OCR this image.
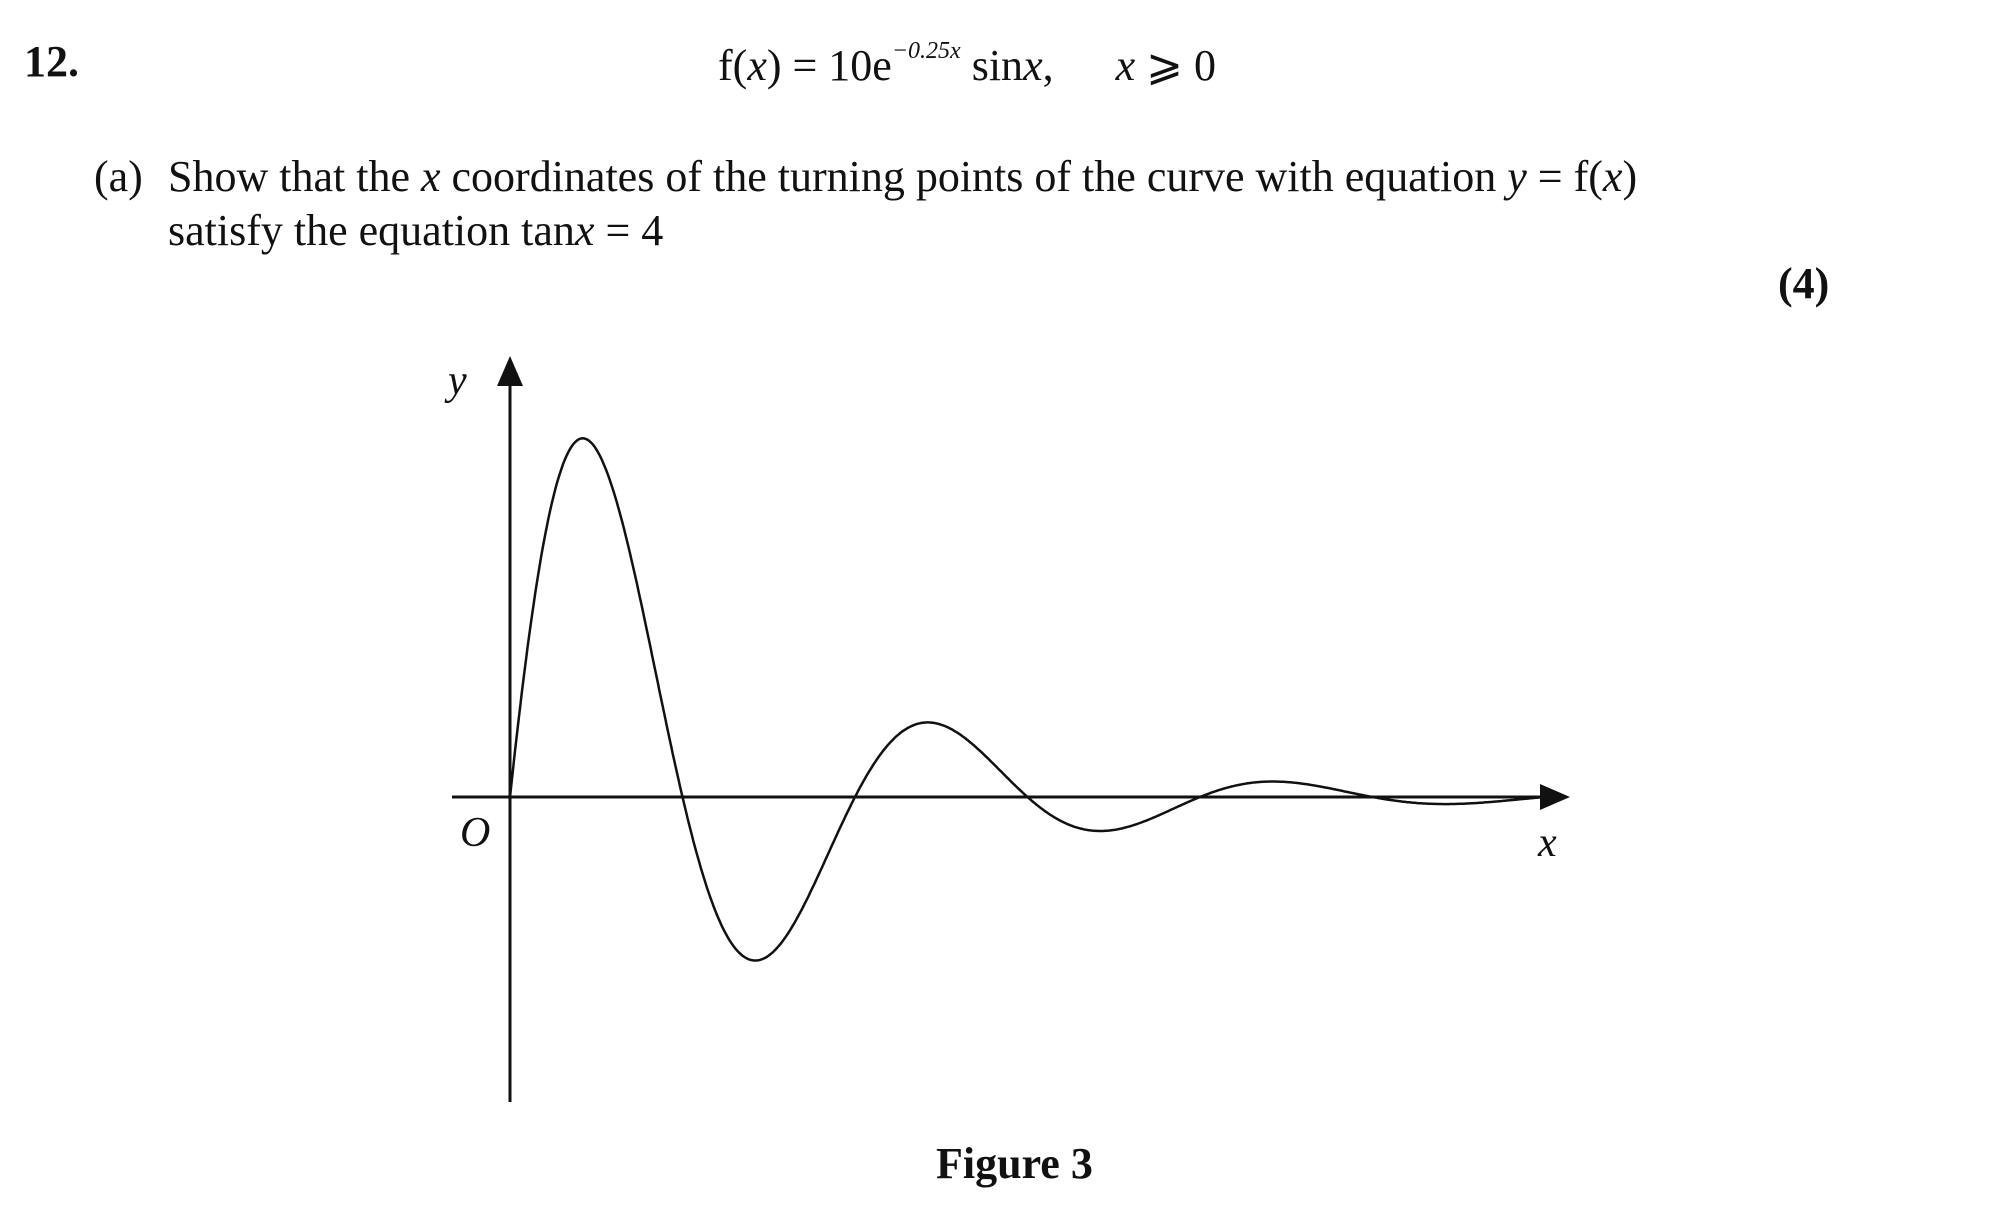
12.	$f(x) = 10e^{-0.25x}$ sinx, x ⩾ 0
(a) Show that the x coordinates of the turning points of the curve with equation y = f(x)
satisfy the equation tanx = 4
(4)
y
x
O
Figure 3
